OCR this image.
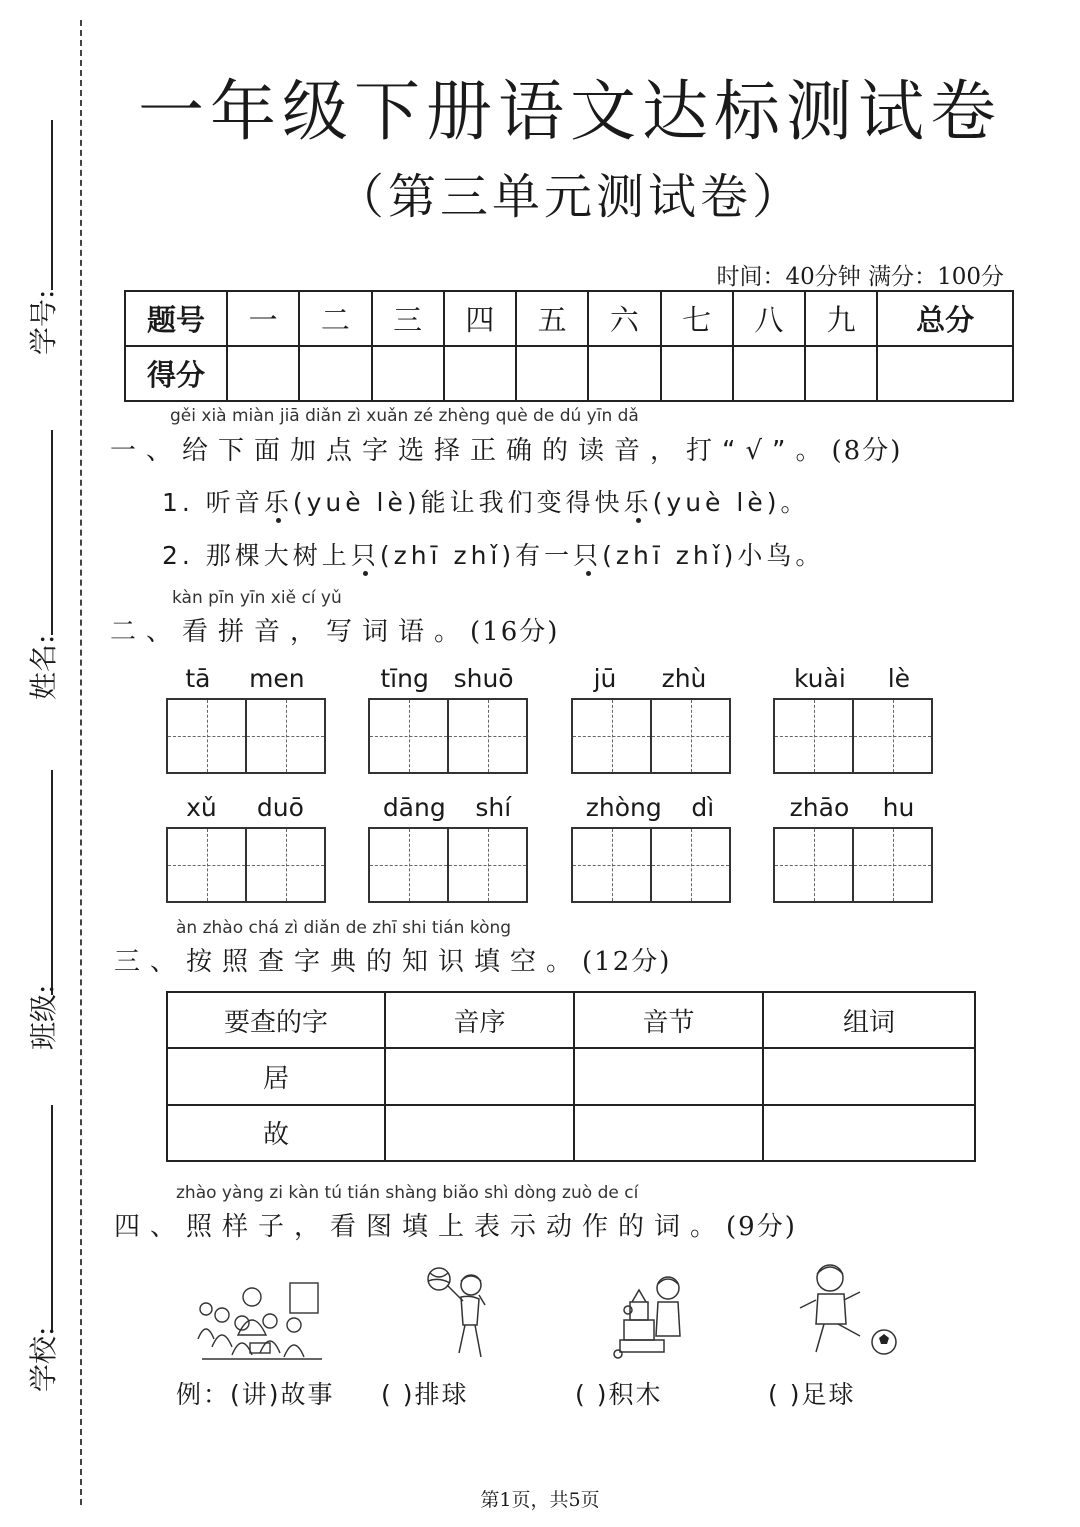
学号:
姓名:
班级:
学校:
一年级下册语文达标测试卷
（第三单元测试卷）
时间：40分钟 满分：100分
题号	一	二	三	四	五	六	七	八	九	总分
得分										
gěi xià miàn jiā diǎn zì xuǎn zé zhèng què de dú yīn dǎ
一、给下面加点字选择正确的读音，打“√”。(8分)
1. 听音乐(yuè lè)能让我们变得快乐(yuè lè)。
2. 那棵大树上只(zhī zhǐ)有一只(zhī zhǐ)小鸟。
kàn pīn yīn xiě cí yǔ
二、看拼音，写词语。(16分)
tā men	tīng shuō	jū zhù	kuài lè
xǔ duō	dāng shí	zhòng dì	zhāo hu
àn zhào chá zì diǎn de zhī shi tián kòng
三、按照查字典的知识填空。(12分)
要查的字	音序	音节	组词
居			
故			
zhào yàng zi kàn tú tián shàng biǎo shì dòng zuò de cí
四、照样子，看图填上表示动作的词。(9分)
例：(讲)故事 ( )排球	( )积木	( )足球
第1页，共5页
